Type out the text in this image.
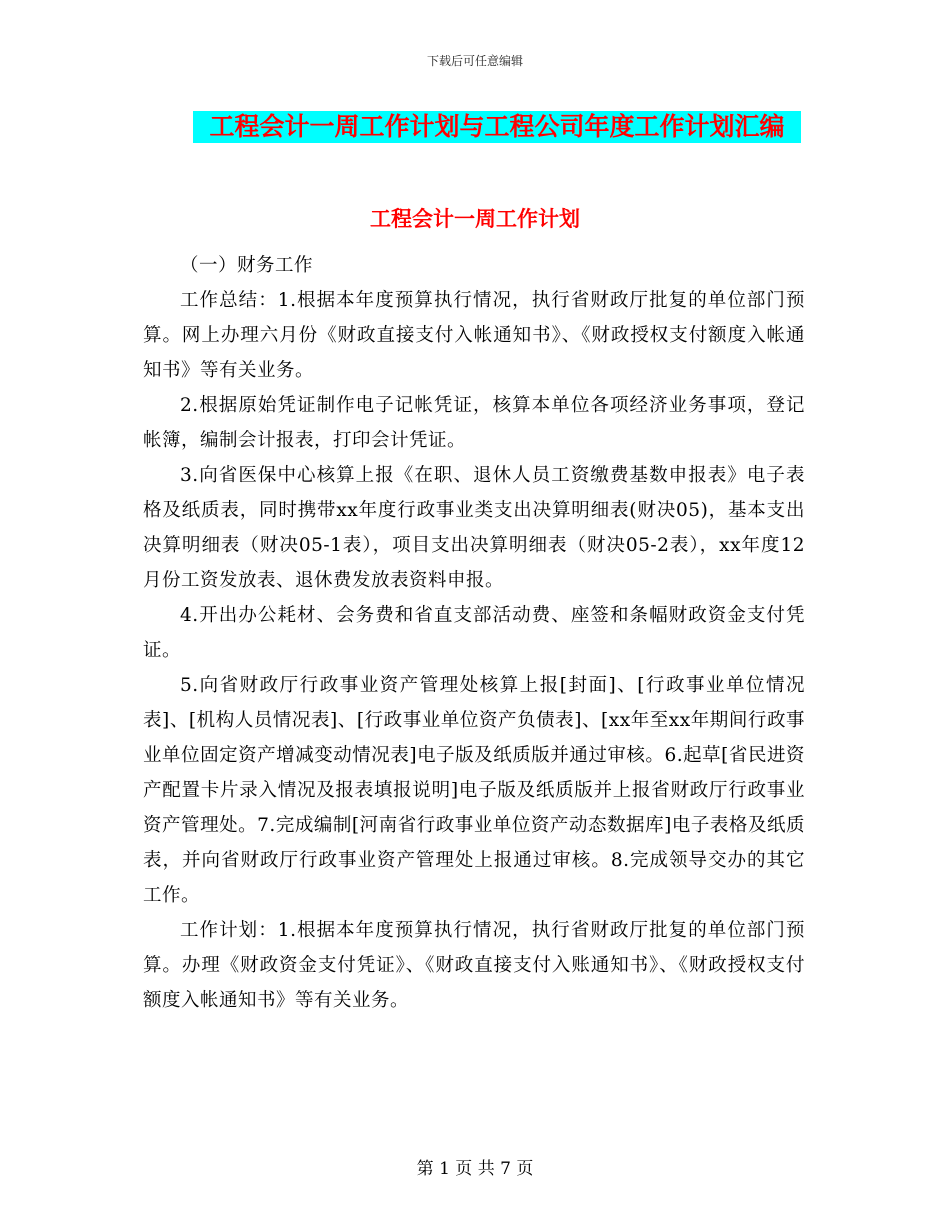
下载后可任意编辑
工程会计一周工作计划与工程公司年度工作计划汇编
工程会计一周工作计划

（一）财务工作

工作总结：1.根据本年度预算执行情况，执行省财政厅批复的单位部门预算。网上办理六月份《财政直接支付入帐通知书》、《财政授权支付额度入帐通知书》等有关业务。

2.根据原始凭证制作电子记帐凭证，核算本单位各项经济业务事项，登记帐簿，编制会计报表，打印会计凭证。

3.向省医保中心核算上报《在职、退休人员工资缴费基数申报表》电子表格及纸质表，同时携带xx年度行政事业类支出决算明细表(财决05)，基本支出决算明细表（财决05-1表），项目支出决算明细表（财决05-2表），xx年度12月份工资发放表、退休费发放表资料申报。

4.开出办公耗材、会务费和省直支部活动费、座签和条幅财政资金支付凭证。

5.向省财政厅行政事业资产管理处核算上报[封面]、[行政事业单位情况表]、[机构人员情况表]、[行政事业单位资产负债表]、[xx年至xx年期间行政事业单位固定资产增减变动情况表]电子版及纸质版并通过审核。6.起草[省民进资产配置卡片录入情况及报表填报说明]电子版及纸质版并上报省财政厅行政事业资产管理处。7.完成编制[河南省行政事业单位资产动态数据库]电子表格及纸质表，并向省财政厅行政事业资产管理处上报通过审核。8.完成领导交办的其它工作。

工作计划：1.根据本年度预算执行情况，执行省财政厅批复的单位部门预算。办理《财政资金支付凭证》、《财政直接支付入账通知书》、《财政授权支付额度入帐通知书》等有关业务。

第 1 页 共 7 页
